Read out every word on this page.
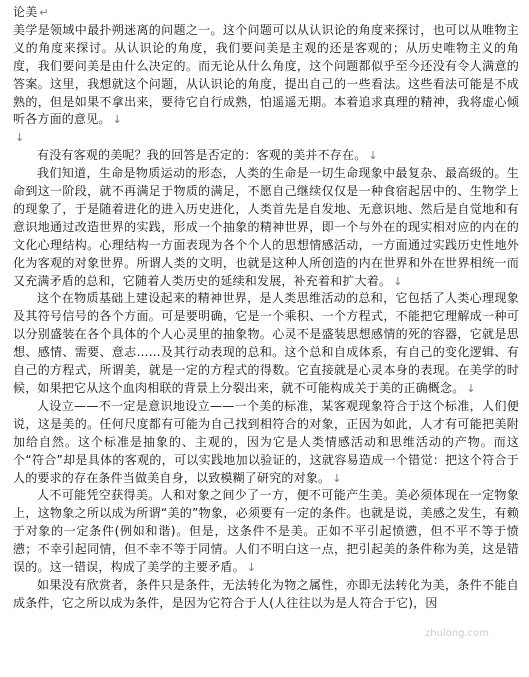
论美 ↵

美学是领域中最扑朔迷离的问题之一。这个问题可以从认识论的角度来探讨，也可以从唯物主义的角度来探讨。从认识论的角度，我们要问美是主观的还是客观的；从历史唯物主义的角度，我们要问美是由什么决定的。而无论从什么角度，这个问题都似乎至今还没有令人满意的答案。这里，我想就这个问题，从认识论的角度，提出自己的一些看法。这些看法可能是不成熟的，但是如果不拿出来，要待它自行成熟，怕遥遥无期。本着追求真理的精神，我将虚心倾听各方面的意见。 ↓

↓

有没有客观的美呢？我的回答是否定的：客观的美并不存在。 ↓

我们知道，生命是物质运动的形态，人类的生命是一切生命现象中最复杂、最高级的。生命到这一阶段，就不再满足于物质的满足，不愿自己继续仅仅是一种食宿起居中的、生物学上的现象了，于是随着进化的进入历史进化，人类首先是自发地、无意识地、然后是自觉地和有意识地通过改造世界的实践，形成一个抽象的精神世界，即一个与外在的现实相对应的内在的文化心理结构。心理结构一方面表现为各个个人的思想情感活动，一方面通过实践历史性地外化为客观的对象世界。所谓人类的文明，也就是这种人所创造的内在世界和外在世界相统一而又充满矛盾的总和，它随着人类历史的延续和发展，补充着和扩大着。 ↓

这个在物质基础上建设起来的精神世界，是人类思维活动的总和，它包括了人类心理现象及其符号信号的各个方面。可是要明确，它是一个乘积、一个方程式，不能把它理解成一种可以分别盛装在各个具体的个人心灵里的抽象物。心灵不是盛装思想感情的死的容器，它就是思想、感情、需要、意志……及其行动表现的总和。这个总和自成体系，有自己的变化逻辑、有自己的方程式，所谓美，就是一定的方程式的得数。它直接就是心灵本身的表现。在美学的时候，如果把它从这个血肉相联的背景上分裂出来，就不可能构成关于美的正确概念。 ↓

人设立——不一定是意识地设立——一个美的标准，某客观现象符合于这个标准，人们便说，这是美的。任何尺度都有可能为自己找到相符合的对象，正因为如此，人才有可能把美附加给自然。这个标准是抽象的、主观的，因为它是人类情感活动和思维活动的产物。而这个“符合”却是具体的客观的，可以实践地加以验证的，这就容易造成一个错觉：把这个符合于人的要求的存在条件当做美自身，以致模糊了研究的对象。 ↓

人不可能凭空获得美。人和对象之间少了一方，便不可能产生美。美必须体现在一定物象上，这物象之所以成为所谓“美的”物象，必须要有一定的条件。也就是说，美感之发生，有赖于对象的一定条件(例如和谐)。但是，这条件不是美。正如不平引起愤懑，但不平不等于愤懑；不幸引起同情，但不幸不等于同情。人们不明白这一点，把引起美的条件称为美，这是错误的。这一错误，构成了美学的主要矛盾。 ↓

如果没有欣赏者，条件只是条件，无法转化为物之属性，亦即无法转化为美，条件不能自成条件，它之所以成为条件，是因为它符合于人(人往往以为是人符合于它)，因

zhulong.com
